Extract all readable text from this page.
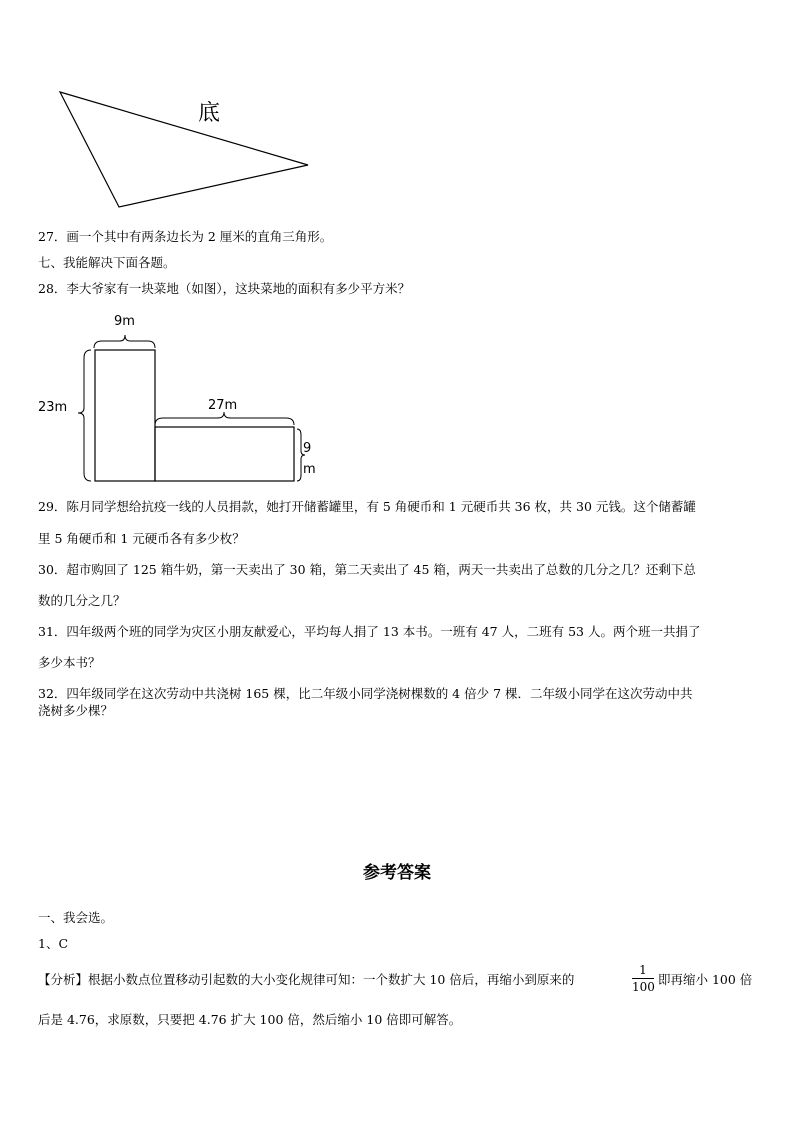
底
27．画一个其中有两条边长为 2 厘米的直角三角形。
七、我能解决下面各题。
28．李大爷家有一块菜地（如图），这块菜地的面积有多少平方米？
9m
23m	27m
9
m
29．陈月同学想给抗疫一线的人员捐款，她打开储蓄罐里，有 5 角硬币和 1 元硬币共 36 枚，共 30 元钱。这个储蓄罐
里 5 角硬币和 1 元硬币各有多少枚？
30．超市购回了 125 箱牛奶，第一天卖出了 30 箱，第二天卖出了 45 箱，两天一共卖出了总数的几分之几？还剩下总
数的几分之几？
31．四年级两个班的同学为灾区小朋友献爱心，平均每人捐了 13 本书。一班有 47 人，二班有 53 人。两个班一共捐了
多少本书？
32．四年级同学在这次劳动中共浇树 165 棵，比二年级小同学浇树棵数的 4 倍少 7 棵．二年级小同学在这次劳动中共
浇树多少棵？
参考答案
一、我会选。
1、C
【分析】根据小数点位置移动引起数的大小变化规律可知：一个数扩大 10 倍后，再缩小到原来的
1
100 即再缩小 100 倍
后是 4.76，求原数，只要把 4.76 扩大 100 倍，然后缩小 10 倍即可解答。
